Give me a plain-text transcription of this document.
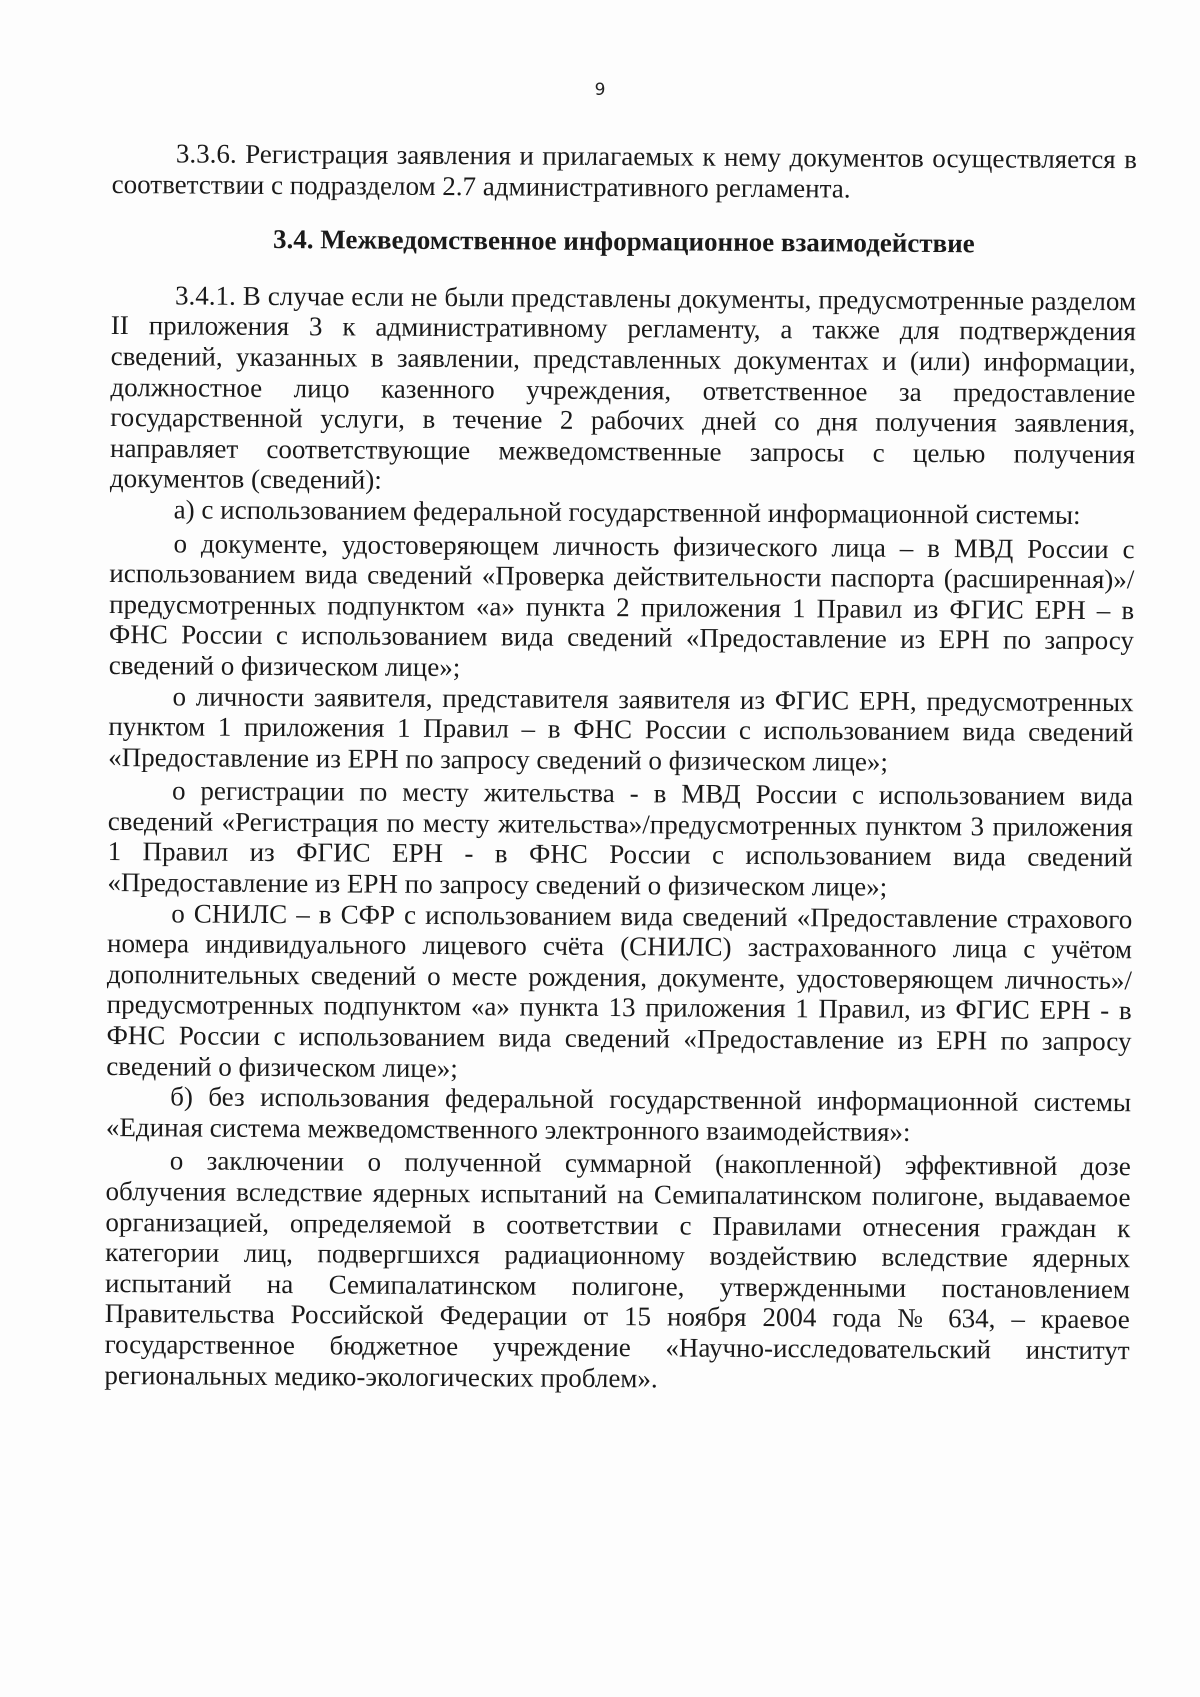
9

3.3.6. Регистрация заявления и прилагаемых к нему документов осуществляется в соответствии с подразделом 2.7 административного регламента.

3.4. Межведомственное информационное взаимодействие

3.4.1. В случае если не были представлены документы, предусмотренные разделом II приложения 3 к административному регламенту, а также для подтверждения сведений, указанных в заявлении, представленных документах и (или) информации, должностное лицо казенного учреждения, ответственное за предоставление государственной услуги, в течение 2 рабочих дней со дня получения заявления, направляет соответствующие межведомственные запросы с целью получения документов (сведений):

а) с использованием федеральной государственной информационной системы:

о документе, удостоверяющем личность физического лица – в МВД России с использованием вида сведений «Проверка действительности паспорта (расширенная)»/предусмотренных подпунктом «а» пункта 2 приложения 1 Правил из ФГИС ЕРН – в ФНС России с использованием вида сведений «Предоставление из ЕРН по запросу сведений о физическом лице»;

о личности заявителя, представителя заявителя из ФГИС ЕРН, предусмотренных пунктом 1 приложения 1 Правил – в ФНС России с использованием вида сведений «Предоставление из ЕРН по запросу сведений о физическом лице»;

о регистрации по месту жительства - в МВД России с использованием вида сведений «Регистрация по месту жительства»/предусмотренных пунктом 3 приложения 1 Правил из ФГИС ЕРН - в ФНС России с использованием вида сведений «Предоставление из ЕРН по запросу сведений о физическом лице»;

о СНИЛС – в СФР с использованием вида сведений «Предоставление страхового номера индивидуального лицевого счёта (СНИЛС) застрахованного лица с учётом дополнительных сведений о месте рождения, документе, удостоверяющем личность»/предусмотренных подпунктом «а» пункта 13 приложения 1 Правил, из ФГИС ЕРН - в ФНС России с использованием вида сведений «Предоставление из ЕРН по запросу сведений о физическом лице»;

б) без использования федеральной государственной информационной системы «Единая система межведомственного электронного взаимодействия»:

о заключении о полученной суммарной (накопленной) эффективной дозе облучения вследствие ядерных испытаний на Семипалатинском полигоне, выдаваемое организацией, определяемой в соответствии с Правилами отнесения граждан к категории лиц, подвергшихся радиационному воздействию вследствие ядерных испытаний на Семипалатинском полигоне, утвержденными постановлением Правительства Российской Федерации от 15 ноября 2004 года № 634, – краевое государственное бюджетное учреждение «Научно-исследовательский институт региональных медико-экологических проблем».
